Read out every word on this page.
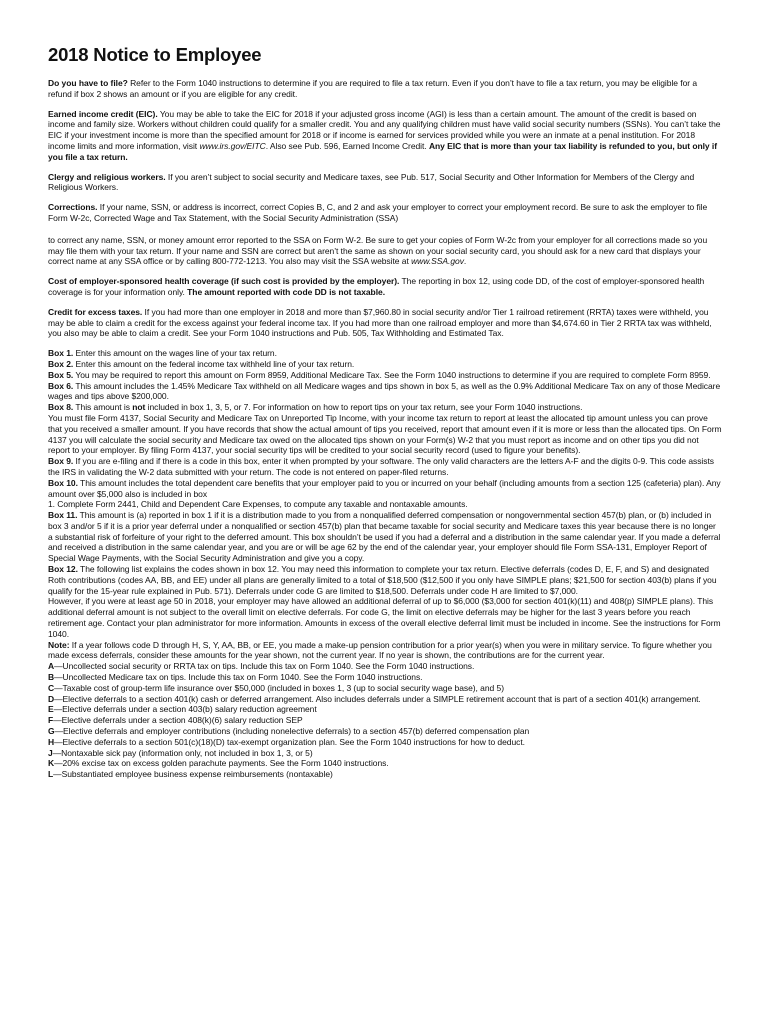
2018 Notice to Employee

Do you have to file? Refer to the Form 1040 instructions to determine if you are required to file a tax return. Even if you don’t have to file a tax return, you may be eligible for a refund if box 2 shows an amount or if you are eligible for any credit.

Earned income credit (EIC). You may be able to take the EIC for 2018 if your adjusted gross income (AGI) is less than a certain amount. The amount of the credit is based on income and family size. Workers without children could qualify for a smaller credit. You and any qualifying children must have valid social security numbers (SSNs). You can’t take the EIC if your investment income is more than the specified amount for 2018 or if income is earned for services provided while you were an inmate at a penal institution. For 2018 income limits and more information, visit www.irs.gov/EITC. Also see Pub. 596, Earned Income Credit. Any EIC that is more than your tax liability is refunded to you, but only if you file a tax return.

Clergy and religious workers. If you aren’t subject to social security and Medicare taxes, see Pub. 517, Social Security and Other Information for Members of the Clergy and Religious Workers.

Corrections. If your name, SSN, or address is incorrect, correct Copies B, C, and 2 and ask your employer to correct your employment record. Be sure to ask the employer to file Form W-2c, Corrected Wage and Tax Statement, with the Social Security Administration (SSA)

to correct any name, SSN, or money amount error reported to the SSA on Form W-2. Be sure to get your copies of Form W-2c from your employer for all corrections made so you may file them with your tax return. If your name and SSN are correct but aren’t the same as shown on your social security card, you should ask for a new card that displays your correct name at any SSA office or by calling 800-772-1213. You also may visit the SSA website at www.SSA.gov.

Cost of employer-sponsored health coverage (if such cost is provided by the employer). The reporting in box 12, using code DD, of the cost of employer-sponsored health coverage is for your information only. The amount reported with code DD is not taxable.

Credit for excess taxes. If you had more than one employer in 2018 and more than $7,960.80 in social security and/or Tier 1 railroad retirement (RRTA) taxes were withheld, you may be able to claim a credit for the excess against your federal income tax. If you had more than one railroad employer and more than $4,674.60 in Tier 2 RRTA tax was withheld, you also may be able to claim a credit. See your Form 1040 instructions and Pub. 505, Tax Withholding and Estimated Tax.

Box 1. Enter this amount on the wages line of your tax return.

Box 2. Enter this amount on the federal income tax withheld line of your tax return.

Box 5. You may be required to report this amount on Form 8959, Additional Medicare Tax. See the Form 1040 instructions to determine if you are required to complete Form 8959.

Box 6. This amount includes the 1.45% Medicare Tax withheld on all Medicare wages and tips shown in box 5, as well as the 0.9% Additional Medicare Tax on any of those Medicare wages and tips above $200,000.

Box 8. This amount is not included in box 1, 3, 5, or 7. For information on how to report tips on your tax return, see your Form 1040 instructions.

You must file Form 4137, Social Security and Medicare Tax on Unreported Tip Income, with your income tax return to report at least the allocated tip amount unless you can prove that you received a smaller amount. If you have records that show the actual amount of tips you received, report that amount even if it is more or less than the allocated tips. On Form 4137 you will calculate the social security and Medicare tax owed on the allocated tips shown on your Form(s) W-2 that you must report as income and on other tips you did not report to your employer. By filing Form 4137, your social security tips will be credited to your social security record (used to figure your benefits).

Box 9. If you are e-filing and if there is a code in this box, enter it when prompted by your software. The only valid characters are the letters A-F and the digits 0-9. This code assists the IRS in validating the W-2 data submitted with your return. The code is not entered on paper-filed returns.

Box 10. This amount includes the total dependent care benefits that your employer paid to you or incurred on your behalf (including amounts from a section 125 (cafeteria) plan). Any amount over $5,000 also is included in box

1. Complete Form 2441, Child and Dependent Care Expenses, to compute any taxable and nontaxable amounts.

Box 11. This amount is (a) reported in box 1 if it is a distribution made to you from a nonqualified deferred compensation or nongovernmental section 457(b) plan, or (b) included in box 3 and/or 5 if it is a prior year deferral under a nonqualified or section 457(b) plan that became taxable for social security and Medicare taxes this year because there is no longer a substantial risk of forfeiture of your right to the deferred amount. This box shouldn’t be used if you had a deferral and a distribution in the same calendar year. If you made a deferral and received a distribution in the same calendar year, and you are or will be age 62 by the end of the calendar year, your employer should file Form SSA-131, Employer Report of Special Wage Payments, with the Social Security Administration and give you a copy.

Box 12. The following list explains the codes shown in box 12. You may need this information to complete your tax return. Elective deferrals (codes D, E, F, and S) and designated Roth contributions (codes AA, BB, and EE) under all plans are generally limited to a total of $18,500 ($12,500 if you only have SIMPLE plans; $21,500 for section 403(b) plans if you qualify for the 15-year rule explained in Pub. 571). Deferrals under code G are limited to $18,500. Deferrals under code H are limited to $7,000.

However, if you were at least age 50 in 2018, your employer may have allowed an additional deferral of up to $6,000 ($3,000 for section 401(k)(11) and 408(p) SIMPLE plans). This additional deferral amount is not subject to the overall limit on elective deferrals. For code G, the limit on elective deferrals may be higher for the last 3 years before you reach retirement age. Contact your plan administrator for more information. Amounts in excess of the overall elective deferral limit must be included in income. See the instructions for Form 1040.

Note: If a year follows code D through H, S, Y, AA, BB, or EE, you made a make-up pension contribution for a prior year(s) when you were in military service. To figure whether you made excess deferrals, consider these amounts for the year shown, not the current year. If no year is shown, the contributions are for the current year.

A—Uncollected social security or RRTA tax on tips. Include this tax on Form 1040. See the Form 1040 instructions.

B—Uncollected Medicare tax on tips. Include this tax on Form 1040. See the Form 1040 instructions.

C—Taxable cost of group-term life insurance over $50,000 (included in boxes 1, 3 (up to social security wage base), and 5)

D—Elective deferrals to a section 401(k) cash or deferred arrangement. Also includes deferrals under a SIMPLE retirement account that is part of a section 401(k) arrangement.

E—Elective deferrals under a section 403(b) salary reduction agreement

F—Elective deferrals under a section 408(k)(6) salary reduction SEP

G—Elective deferrals and employer contributions (including nonelective deferrals) to a section 457(b) deferred compensation plan

H—Elective deferrals to a section 501(c)(18)(D) tax-exempt organization plan. See the Form 1040 instructions for how to deduct.

J—Nontaxable sick pay (information only, not included in box 1, 3, or 5)

K—20% excise tax on excess golden parachute payments. See the Form 1040 instructions.

L—Substantiated employee business expense reimbursements (nontaxable)
